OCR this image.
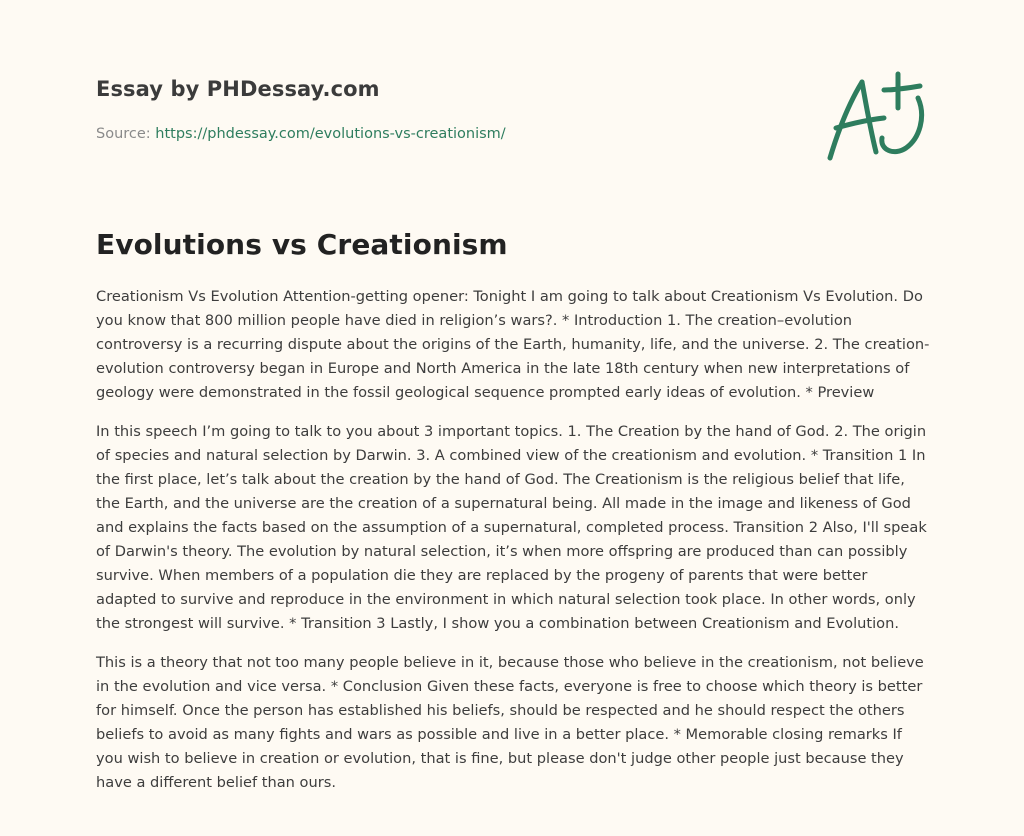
Essay by PHDessay.com
Source: https://phdessay.com/evolutions-vs-creationism/
Evolutions vs Creationism

Creationism Vs Evolution Attention-getting opener: Tonight I am going to talk about Creationism Vs Evolution. Do you know that 800 million people have died in religion’s wars?. * Introduction 1. The creation–evolution controversy is a recurring dispute about the origins of the Earth, humanity, life, and the universe. 2. The creation-evolution controversy began in Europe and North America in the late 18th century when new interpretations of geology were demonstrated in the fossil geological sequence prompted early ideas of evolution. * Preview

In this speech I’m going to talk to you about 3 important topics. 1. The Creation by the hand of God. 2. The origin of species and natural selection by Darwin. 3. A combined view of the creationism and evolution. * Transition 1 In the first place, let’s talk about the creation by the hand of God. The Creationism is the religious belief that life, the Earth, and the universe are the creation of a supernatural being. All made in the image and likeness of God and explains the facts based on the assumption of a supernatural, completed process. Transition 2 Also, I'll speak of Darwin's theory. The evolution by natural selection, it’s when more offspring are produced than can possibly survive. When members of a population die they are replaced by the progeny of parents that were better adapted to survive and reproduce in the environment in which natural selection took place. In other words, only the strongest will survive. * Transition 3 Lastly, I show you a combination between Creationism and Evolution.

This is a theory that not too many people believe in it, because those who believe in the creationism, not believe in the evolution and vice versa. * Conclusion Given these facts, everyone is free to choose which theory is better for himself. Once the person has established his beliefs, should be respected and he should respect the others beliefs to avoid as many fights and wars as possible and live in a better place. * Memorable closing remarks If you wish to believe in creation or evolution, that is fine, but please don't judge other people just because they have a different belief than ours.
